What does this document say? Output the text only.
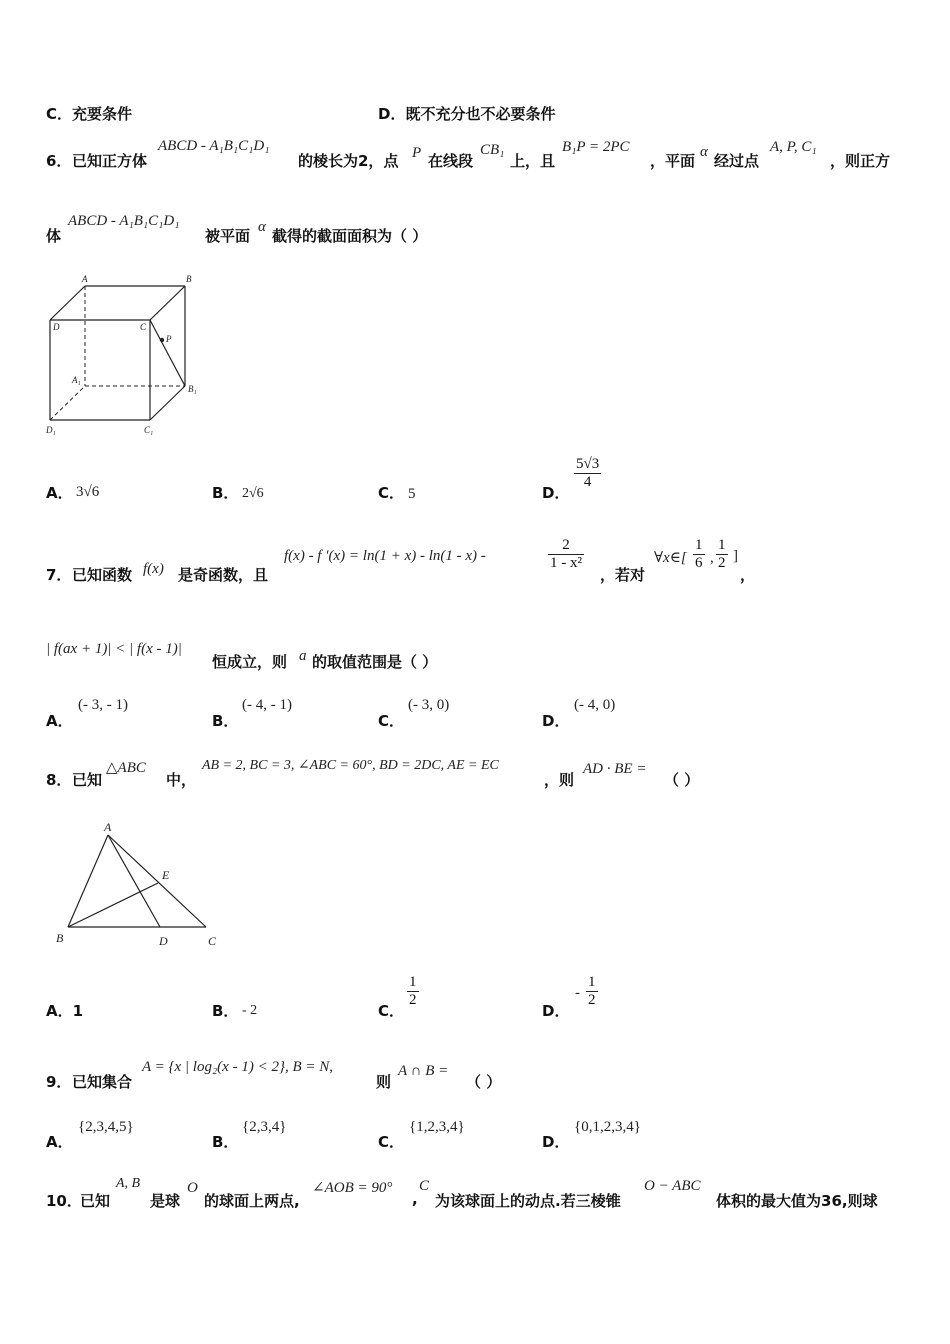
C．充要条件	D．既不充分也不必要条件
6． 已知正方体
ABCD - A₁B₁C₁D₁
的棱长为2，点 P 在线段
CB₁
上，且
B₁P = 2PC
，平面 α 经过点
A, P, C₁
，则正方
体
ABCD - A₁B₁C₁D₁
被平面 α 截得的截面面积为（ ）
A	B
D	C
P
A₁
B₁
D₁	C₁
A． 3√6	B． 2√6	C． 5	D．
$\frac{5√3}{4}$
7． 已知函数 f(x) 是奇函数，且
f(x) - f ′(x) = ln(1 + x) - ln(1 - x) -	$\frac{2}{\text{1 - x²}}$
，若对
∀x∈[ $\frac{1}{6}$ , $\frac{1}{2}$ ]
，
| f(ax + 1)| < | f(x - 1)|
恒成立，则 a 的取值范围是（ ）
A．
(- 3, - 1)
B．
(- 4, - 1)
C．
(- 3, 0)
D．
(- 4, 0)
8． 已知
△ABC
中，
AB = 2, BC = 3, ∠ABC = 60°, BD = 2DC, AE = EC
，则
AD · BE =
（ ）
A
E
B	D	C
A．1	B． - 2	C．
$\frac{1}{2}$
D．
- $\frac{1}{2}$
9． 已知集合
A = {x | log₂(x - 1) < 2}, B = N,
则
A ∩ B =
（ ）
A．
{2,3,4,5}
B．
{2,3,4}
C．
{1,2,3,4}
D．
{0,1,2,3,4}
10．
已知
A, B
是球
O
的球面上两点,
∠AOB = 90°
,
C
为该球面上的动点.若三棱锥
O − ABC
体积的最大值为36,则球
